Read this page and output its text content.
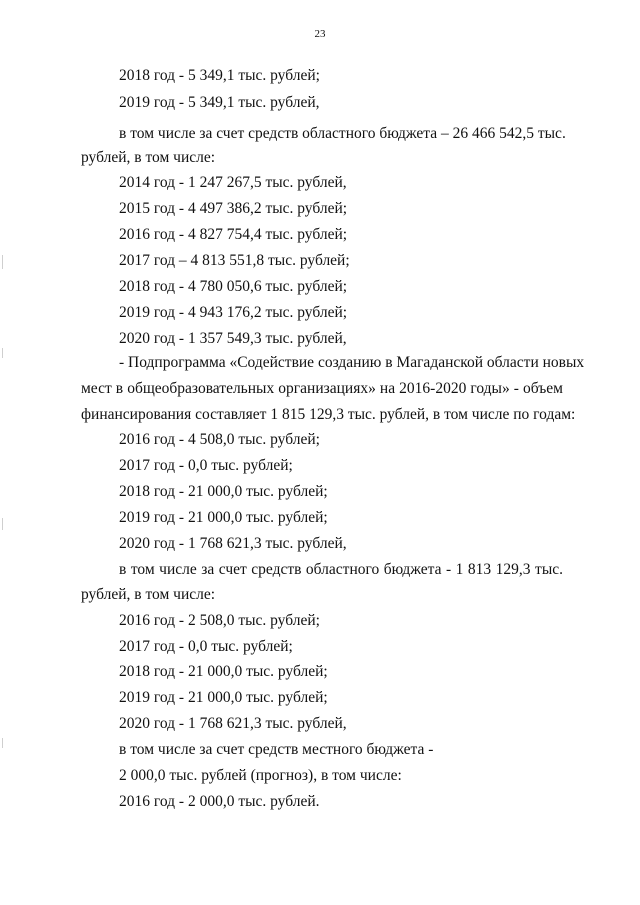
23
2018 год - 5 349,1 тыс. рублей;
2019 год - 5 349,1 тыс. рублей,
в том числе за счет средств областного бюджета – 26 466 542,5 тыс.
рублей, в том числе:
2014 год - 1 247 267,5 тыс. рублей,
2015 год - 4 497 386,2 тыс. рублей;
2016 год - 4 827 754,4 тыс. рублей;
2017 год – 4 813 551,8 тыс. рублей;
2018 год - 4 780 050,6 тыс. рублей;
2019 год - 4 943 176,2 тыс. рублей;
2020 год - 1 357 549,3 тыс. рублей,
- Подпрограмма «Содействие созданию в Магаданской области новых
мест в общеобразовательных организациях» на 2016-2020 годы» - объем
финансирования составляет 1 815 129,3 тыс. рублей, в том числе по годам:
2016 год - 4 508,0 тыс. рублей;
2017 год - 0,0 тыс. рублей;
2018 год - 21 000,0 тыс. рублей;
2019 год - 21 000,0 тыс. рублей;
2020 год - 1 768 621,3 тыс. рублей,
в том числе за счет средств областного бюджета - 1 813 129,3 тыс.
рублей, в том числе:
2016 год - 2 508,0 тыс. рублей;
2017 год - 0,0 тыс. рублей;
2018 год - 21 000,0 тыс. рублей;
2019 год - 21 000,0 тыс. рублей;
2020 год - 1 768 621,3 тыс. рублей,
в том числе за счет средств местного бюджета -
2 000,0 тыс. рублей (прогноз), в том числе:
2016 год - 2 000,0 тыс. рублей.
